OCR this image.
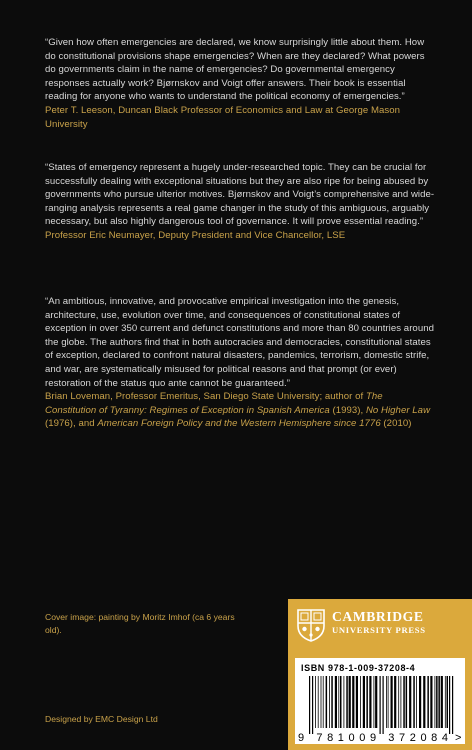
“Given how often emergencies are declared, we know surprisingly little about them. How do constitutional provisions shape emergencies? When are they declared? What powers do governments claim in the name of emergencies? Do governmental emergency responses actually work? Bjørnskov and Voigt offer answers. Their book is essential reading for anyone who wants to understand the political economy of emergencies.”
Peter T. Leeson, Duncan Black Professor of Economics and Law at George Mason University
“States of emergency represent a hugely under-researched topic. They can be crucial for successfully dealing with exceptional situations but they are also ripe for being abused by governments who pursue ulterior motives. Bjørnskov and Voigt’s comprehensive and wide-ranging analysis represents a real game changer in the study of this ambiguous, arguably necessary, but also highly dangerous tool of governance. It will prove essential reading.”
Professor Eric Neumayer, Deputy President and Vice Chancellor, LSE
“An ambitious, innovative, and provocative empirical investigation into the genesis, architecture, use, evolution over time, and consequences of constitutional states of exception in over 350 current and defunct constitutions and more than 80 countries around the globe. The authors find that in both autocracies and democracies, constitutional states of exception, declared to confront natural disasters, pandemics, terrorism, domestic strife, and war, are systematically misused for political reasons and that prompt (or ever) restoration of the status quo ante cannot be guaranteed.”
Brian Loveman, Professor Emeritus, San Diego State University; author of The Constitution of Tyranny: Regimes of Exception in Spanish America (1993), No Higher Law (1976), and American Foreign Policy and the Western Hemisphere since 1776 (2010)
Cover image: painting by Moritz Imhof (ca 6 years old).
Designed by EMC Design Ltd
CAMBRIDGE
UNIVERSITY PRESS
ISBN 978-1-009-37208-4
9 781009 372084 >
